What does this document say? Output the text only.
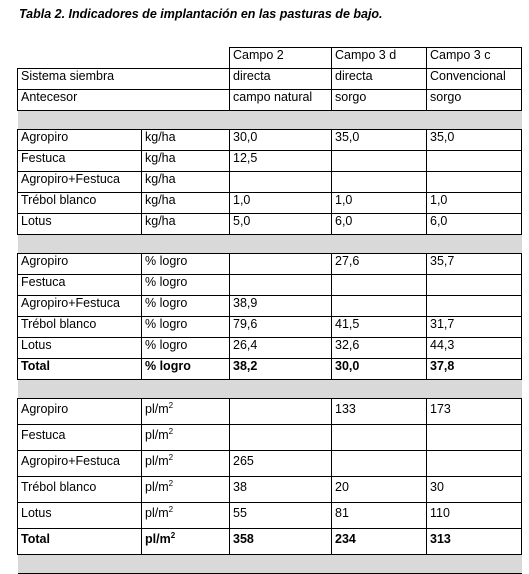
Tabla 2. Indicadores de implantación en las pasturas de bajo.
		Campo 2	Campo 3 d	Campo 3 c
Sistema siembra		directa	directa	Convencional
Antecesor		campo natural	sorgo	sorgo

Agropiro	kg/ha	30,0	35,0	35,0
Festuca	kg/ha	12,5		
Agropiro+Festuca	kg/ha			
Trébol blanco	kg/ha	1,0	1,0	1,0
Lotus	kg/ha	5,0	6,0	6,0

Agropiro	% logro		27,6	35,7
Festuca	% logro			
Agropiro+Festuca	% logro	38,9		
Trébol blanco	% logro	79,6	41,5	31,7
Lotus	% logro	26,4	32,6	44,3
Total	% logro	38,2	30,0	37,8

Agropiro	$pl/m^2$		133	173
Festuca	$pl/m^2$			
Agropiro+Festuca	$pl/m^2$	265		
Trébol blanco	$pl/m^2$	38	20	30
Lotus	$pl/m^2$	55	81	110
Total	$pl/m^2$	358	234	313
